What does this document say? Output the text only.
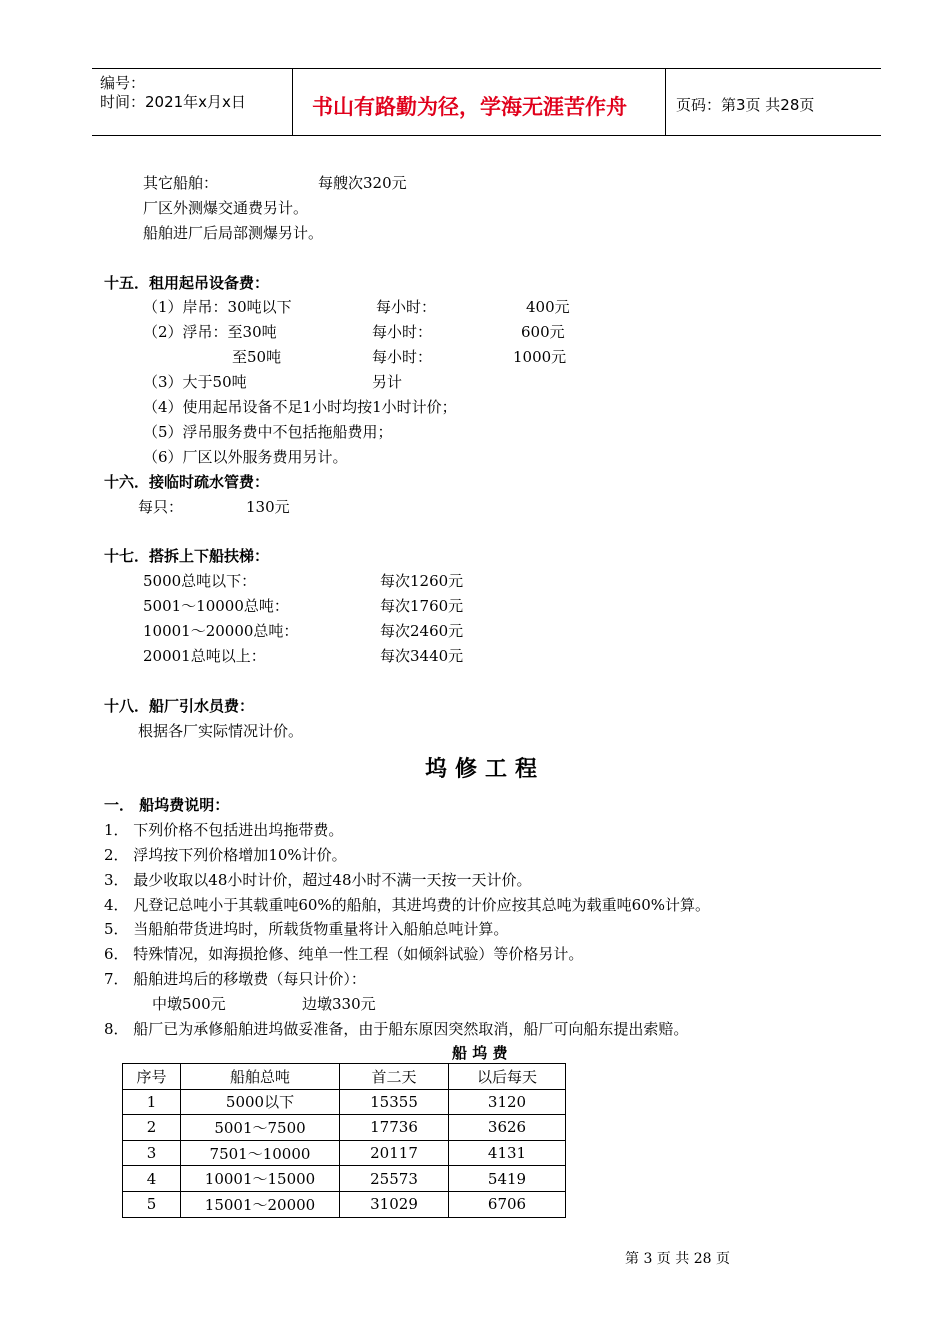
编号：
时间：2021年x月x日	书山有路勤为径，学海无涯苦作舟	页码：第3页 共28页
其它船舶：	每艘次320元
厂区外测爆交通费另计。
船舶进厂后局部测爆另计。
十五．租用起吊设备费：
（1）岸吊：30吨以下	每小时：	400元
（2）浮吊：至30吨	每小时：	600元
至50吨	每小时：	1000元
（3）大于50吨	另计
（4）使用起吊设备不足1小时均按1小时计价；
（5）浮吊服务费中不包括拖船费用；
（6）厂区以外服务费用另计。
十六．接临时疏水管费：
每只：	130元
十七．搭拆上下船扶梯：
5000总吨以下：	每次1260元
5001～10000总吨：	每次1760元
10001～20000总吨：	每次2460元
20001总吨以上：	每次3440元
十八．船厂引水员费：
根据各厂实际情况计价。
坞修工程
一． 船坞费说明：
1． 下列价格不包括进出坞拖带费。
2． 浮坞按下列价格增加10%计价。
3． 最少收取以48小时计价，超过48小时不满一天按一天计价。
4． 凡登记总吨小于其载重吨60%的船舶，其进坞费的计价应按其总吨为载重吨60%计算。
5． 当船舶带货进坞时，所载货物重量将计入船舶总吨计算。
6． 特殊情况，如海损抢修、纯单一性工程（如倾斜试验）等价格另计。
7． 船舶进坞后的移墩费（每只计价）：
中墩500元	边墩330元
8． 船厂已为承修船舶进坞做妥准备，由于船东原因突然取消，船厂可向船东提出索赔。
船 坞 费
序号	船舶总吨	首二天	以后每天
1	5000以下	15355	3120
2	5001～7500	17736	3626
3	7501～10000	20117	4131
4	10001～15000	25573	5419
5	15001～20000	31029	6706
第 3 页 共 28 页
